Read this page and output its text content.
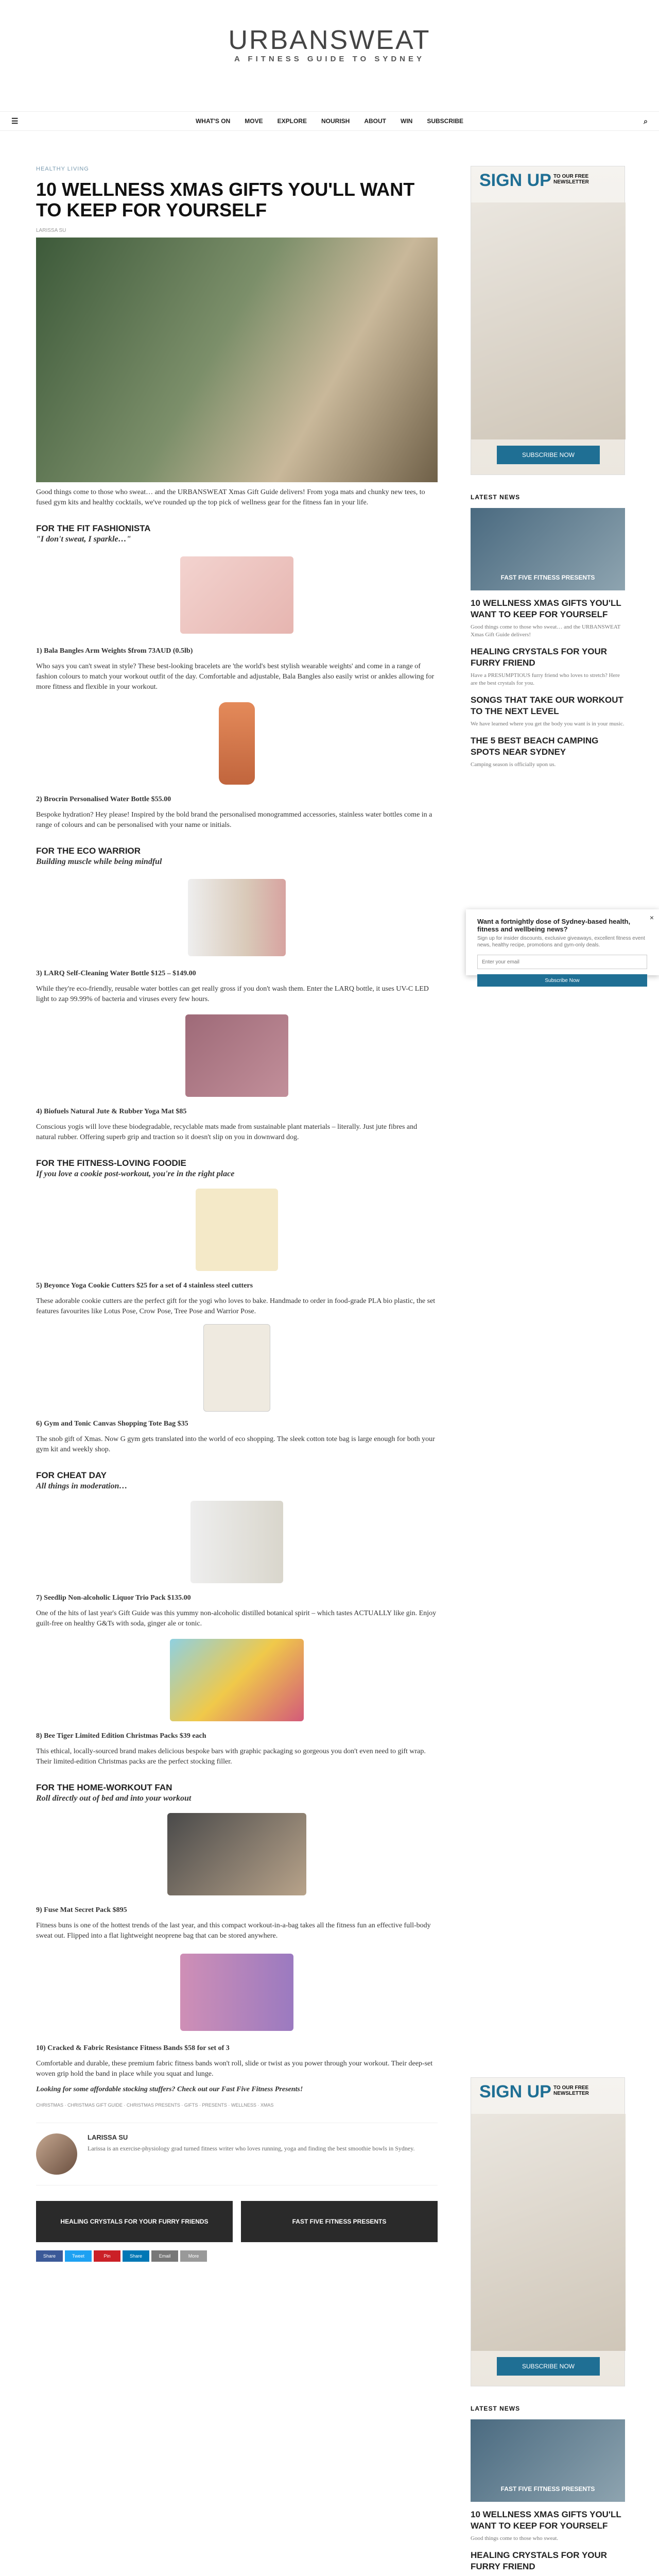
URBANSWEAT
A FITNESS GUIDE TO SYDNEY
☰	WHAT'S ON MOVE EXPLORE NOURISH ABOUT WIN SUBSCRIBE	⌕
HEALTHY LIVING
10 WELLNESS XMAS GIFTS YOU'LL WANT TO KEEP FOR YOURSELF
LARISSA SU

Good things come to those who sweat… and the URBANSWEAT Xmas Gift Guide delivers! From yoga mats and chunky new tees, to fused gym kits and healthy cocktails, we've rounded up the top pick of wellness gear for the fitness fan in your life.

FOR THE FIT FASHIONISTA
"I don't sweat, I sparkle…"

1) Bala Bangles Arm Weights $from 73AUD (0.5lb)

Who says you can't sweat in style? These best-looking bracelets are 'the world's best stylish wearable weights' and come in a range of fashion colours to match your workout outfit of the day. Comfortable and adjustable, Bala Bangles also easily wrist or ankles allowing for more fitness and flexible in your workout.

2) Brocrin Personalised Water Bottle $55.00

Bespoke hydration? Hey please! Inspired by the bold brand the personalised monogrammed accessories, stainless water bottles come in a range of colours and can be personalised with your name or initials.

FOR THE ECO WARRIOR
Building muscle while being mindful

3) LARQ Self-Cleaning Water Bottle $125 – $149.00

While they're eco-friendly, reusable water bottles can get really gross if you don't wash them. Enter the LARQ bottle, it uses UV-C LED light to zap 99.99% of bacteria and viruses every few hours.

4) Biofuels Natural Jute & Rubber Yoga Mat $85

Conscious yogis will love these biodegradable, recyclable mats made from sustainable plant materials – literally. Just jute fibres and natural rubber. Offering superb grip and traction so it doesn't slip on you in downward dog.

FOR THE FITNESS-LOVING FOODIE
If you love a cookie post-workout, you're in the right place

5) Beyonce Yoga Cookie Cutters $25 for a set of 4 stainless steel cutters

These adorable cookie cutters are the perfect gift for the yogi who loves to bake. Handmade to order in food-grade PLA bio plastic, the set features favourites like Lotus Pose, Crow Pose, Tree Pose and Warrior Pose.

6) Gym and Tonic Canvas Shopping Tote Bag $35

The snob gift of Xmas. Now G gym gets translated into the world of eco shopping. The sleek cotton tote bag is large enough for both your gym kit and weekly shop.

FOR CHEAT DAY
All things in moderation…

7) Seedlip Non-alcoholic Liquor Trio Pack $135.00

One of the hits of last year's Gift Guide was this yummy non-alcoholic distilled botanical spirit – which tastes ACTUALLY like gin. Enjoy guilt-free on healthy G&Ts with soda, ginger ale or tonic.

8) Bee Tiger Limited Edition Christmas Packs $39 each

This ethical, locally-sourced brand makes delicious bespoke bars with graphic packaging so gorgeous you don't even need to gift wrap. Their limited-edition Christmas packs are the perfect stocking filler.

FOR THE HOME-WORKOUT FAN
Roll directly out of bed and into your workout

9) Fuse Mat Secret Pack $895

Fitness buns is one of the hottest trends of the last year, and this compact workout-in-a-bag takes all the fitness fun an effective full-body sweat out. Flipped into a flat lightweight neoprene bag that can be stored anywhere.

10) Cracked & Fabric Resistance Fitness Bands $58 for set of 3

Comfortable and durable, these premium fabric fitness bands won't roll, slide or twist as you power through your workout. Their deep-set woven grip hold the band in place while you squat and lunge.

Looking for some affordable stocking stuffers? Check out our Fast Five Fitness Presents!

CHRISTMAS · CHRISTMAS GIFT GUIDE · CHRISTMAS PRESENTS · GIFTS · PRESENTS · WELLNESS · XMAS

LARISSA SU
Larissa is an exercise-physiology grad turned fitness writer who loves running, yoga and finding the best smoothie bowls in Sydney.
HEALING CRYSTALS FOR YOUR FURRY FRIENDS	FAST FIVE FITNESS PRESENTS
Share	Tweet	Pin	Share	Email	More
SIGN UP TO OUR FREE NEWSLETTER
SUBSCRIBE NOW
LATEST NEWS
FAST FIVE FITNESS PRESENTS
10 WELLNESS XMAS GIFTS YOU'LL WANT TO KEEP FOR YOURSELF
Good things come to those who sweat… and the URBANSWEAT Xmas Gift Guide delivers!
HEALING CRYSTALS FOR YOUR FURRY FRIEND
Have a PRESUMPTIOUS furry friend who loves to stretch? Here are the best crystals for you.
SONGS THAT TAKE OUR WORKOUT TO THE NEXT LEVEL
We have learned where you get the body you want is in your music.
THE 5 BEST BEACH CAMPING SPOTS NEAR SYDNEY
Camping season is officially upon us.
SIGN UP TO OUR FREE NEWSLETTER
SUBSCRIBE NOW
LATEST NEWS
FAST FIVE FITNESS PRESENTS
10 WELLNESS XMAS GIFTS YOU'LL WANT TO KEEP FOR YOURSELF
Good things come to those who sweat.
HEALING CRYSTALS FOR YOUR FURRY FRIEND
×
Want a fortnightly dose of Sydney-based health, fitness and wellbeing news?
Sign up for insider discounts, exclusive giveaways, excellent fitness event news, healthy recipe, promotions and gym-only deals.
Enter your email Subscribe Now
